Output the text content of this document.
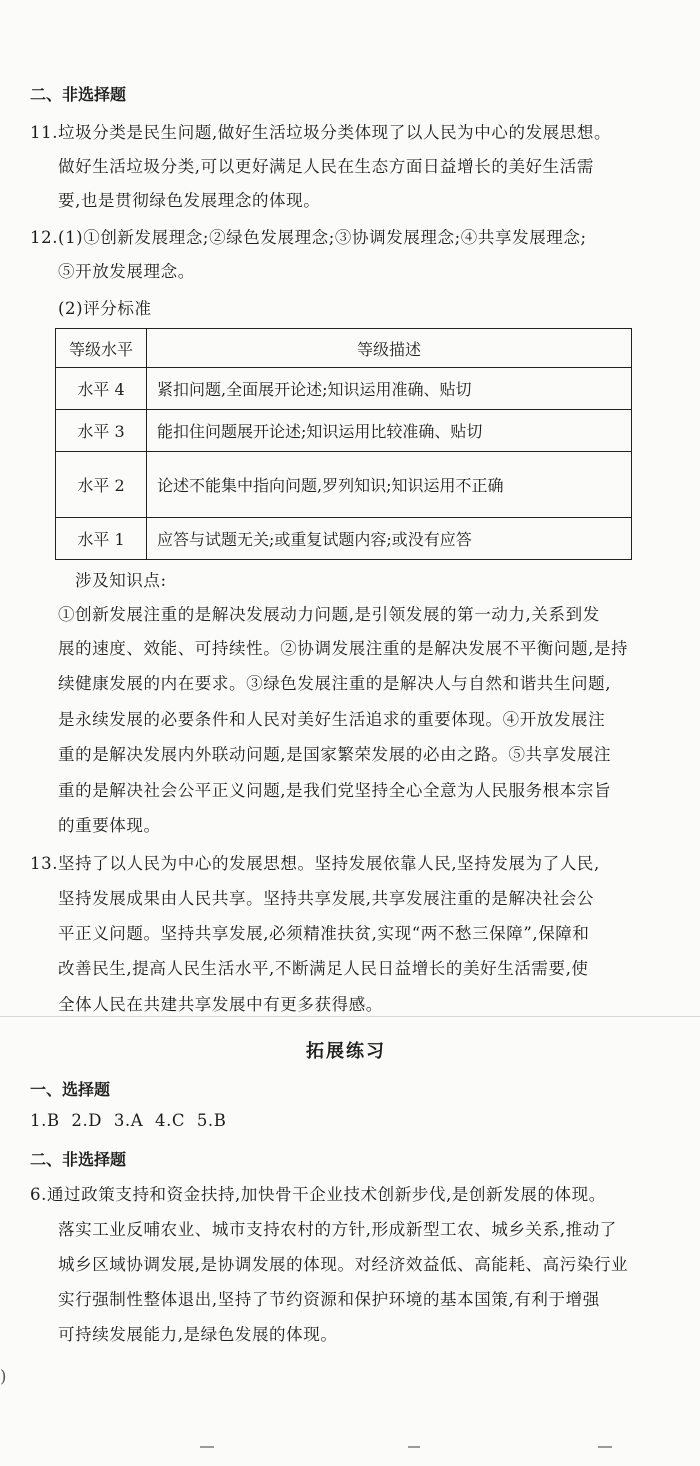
二、非选择题
11.垃圾分类是民生问题,做好生活垃圾分类体现了以人民为中心的发展思想。
做好生活垃圾分类,可以更好满足人民在生态方面日益增长的美好生活需
要,也是贯彻绿色发展理念的体现。
12.(1)①创新发展理念;②绿色发展理念;③协调发展理念;④共享发展理念;
⑤开放发展理念。
(2)评分标准
等级水平	等级描述
水平 4	紧扣问题,全面展开论述;知识运用准确、贴切
水平 3	能扣住问题展开论述;知识运用比较准确、贴切
水平 2	论述不能集中指向问题,罗列知识;知识运用不正确
水平 1	应答与试题无关;或重复试题内容;或没有应答
涉及知识点:
①创新发展注重的是解决发展动力问题,是引领发展的第一动力,关系到发
展的速度、效能、可持续性。②协调发展注重的是解决发展不平衡问题,是持
续健康发展的内在要求。③绿色发展注重的是解决人与自然和谐共生问题,
是永续发展的必要条件和人民对美好生活追求的重要体现。④开放发展注
重的是解决发展内外联动问题,是国家繁荣发展的必由之路。⑤共享发展注
重的是解决社会公平正义问题,是我们党坚持全心全意为人民服务根本宗旨
的重要体现。
13.坚持了以人民为中心的发展思想。坚持发展依靠人民,坚持发展为了人民,
坚持发展成果由人民共享。坚持共享发展,共享发展注重的是解决社会公
平正义问题。坚持共享发展,必须精准扶贫,实现“两不愁三保障”,保障和
改善民生,提高人民生活水平,不断满足人民日益增长的美好生活需要,使
全体人民在共建共享发展中有更多获得感。
拓展练习
一、选择题
1.B  2.D  3.A  4.C  5.B
二、非选择题
6.通过政策支持和资金扶持,加快骨干企业技术创新步伐,是创新发展的体现。
落实工业反哺农业、城市支持农村的方针,形成新型工农、城乡关系,推动了
城乡区域协调发展,是协调发展的体现。对经济效益低、高能耗、高污染行业
实行强制性整体退出,坚持了节约资源和保护环境的基本国策,有利于增强
可持续发展能力,是绿色发展的体现。
)
